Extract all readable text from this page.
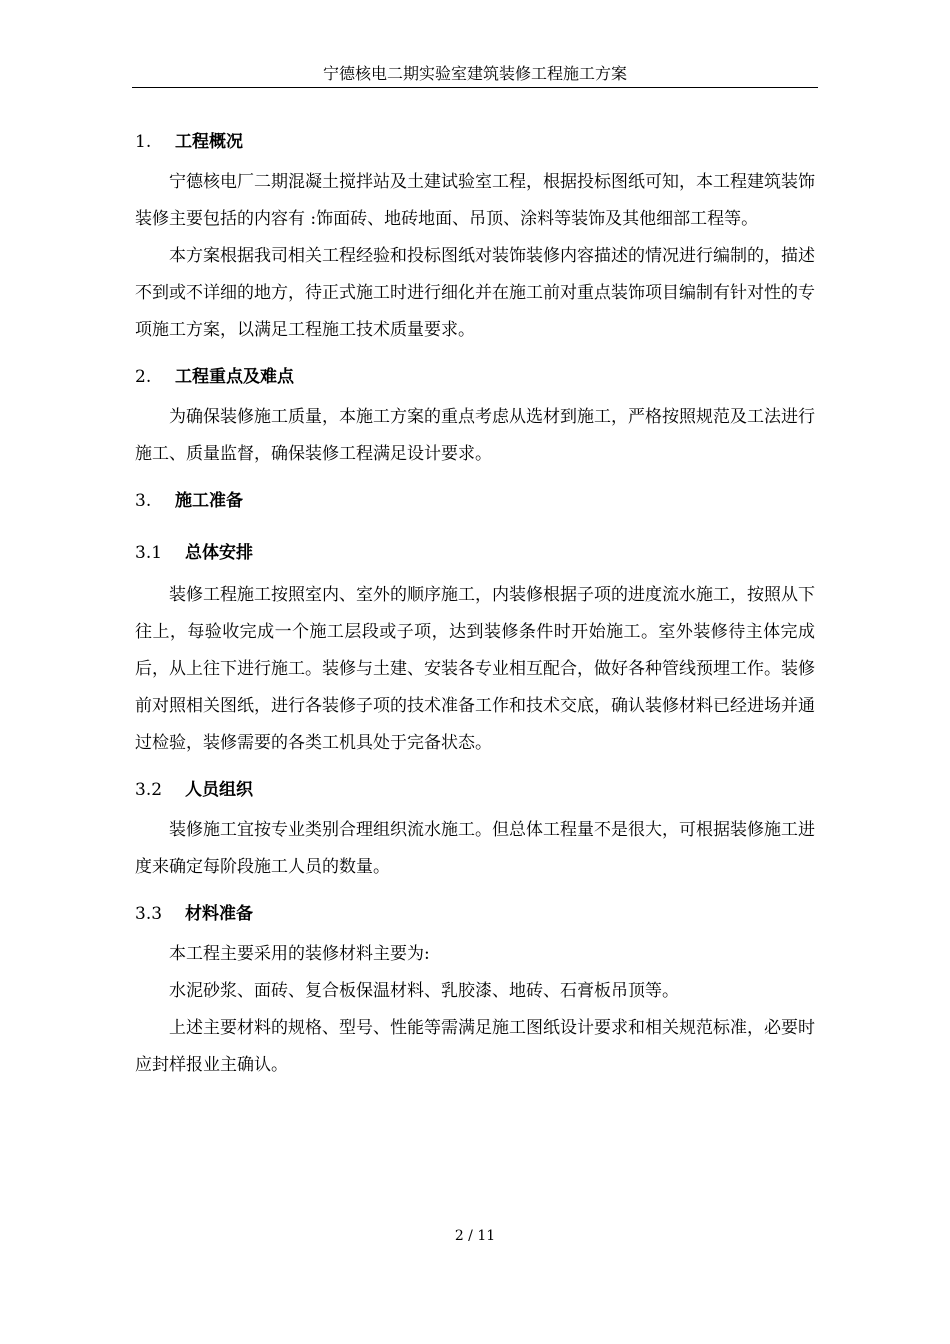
宁德核电二期实验室建筑装修工程施工方案
1. 工程概况

宁德核电厂二期混凝土搅拌站及土建试验室工程，根据投标图纸可知，本工程建筑装饰装修主要包括的内容有 :饰面砖、地砖地面、吊顶、涂料等装饰及其他细部工程等。

本方案根据我司相关工程经验和投标图纸对装饰装修内容描述的情况进行编制的，描述不到或不详细的地方，待正式施工时进行细化并在施工前对重点装饰项目编制有针对性的专项施工方案，以满足工程施工技术质量要求。

2. 工程重点及难点

为确保装修施工质量，本施工方案的重点考虑从选材到施工，严格按照规范及工法进行施工、质量监督，确保装修工程满足设计要求。

3. 施工准备
3.1 总体安排

装修工程施工按照室内、室外的顺序施工，内装修根据子项的进度流水施工，按照从下往上，每验收完成一个施工层段或子项，达到装修条件时开始施工。室外装修待主体完成后，从上往下进行施工。装修与土建、安装各专业相互配合，做好各种管线预埋工作。装修前对照相关图纸，进行各装修子项的技术准备工作和技术交底，确认装修材料已经进场并通过检验，装修需要的各类工机具处于完备状态。

3.2 人员组织

装修施工宜按专业类别合理组织流水施工。但总体工程量不是很大，可根据装修施工进度来确定每阶段施工人员的数量。

3.3 材料准备

本工程主要采用的装修材料主要为:

水泥砂浆、面砖、复合板保温材料、乳胶漆、地砖、石膏板吊顶等。

上述主要材料的规格、型号、性能等需满足施工图纸设计要求和相关规范标准，必要时应封样报业主确认。

2 / 11
